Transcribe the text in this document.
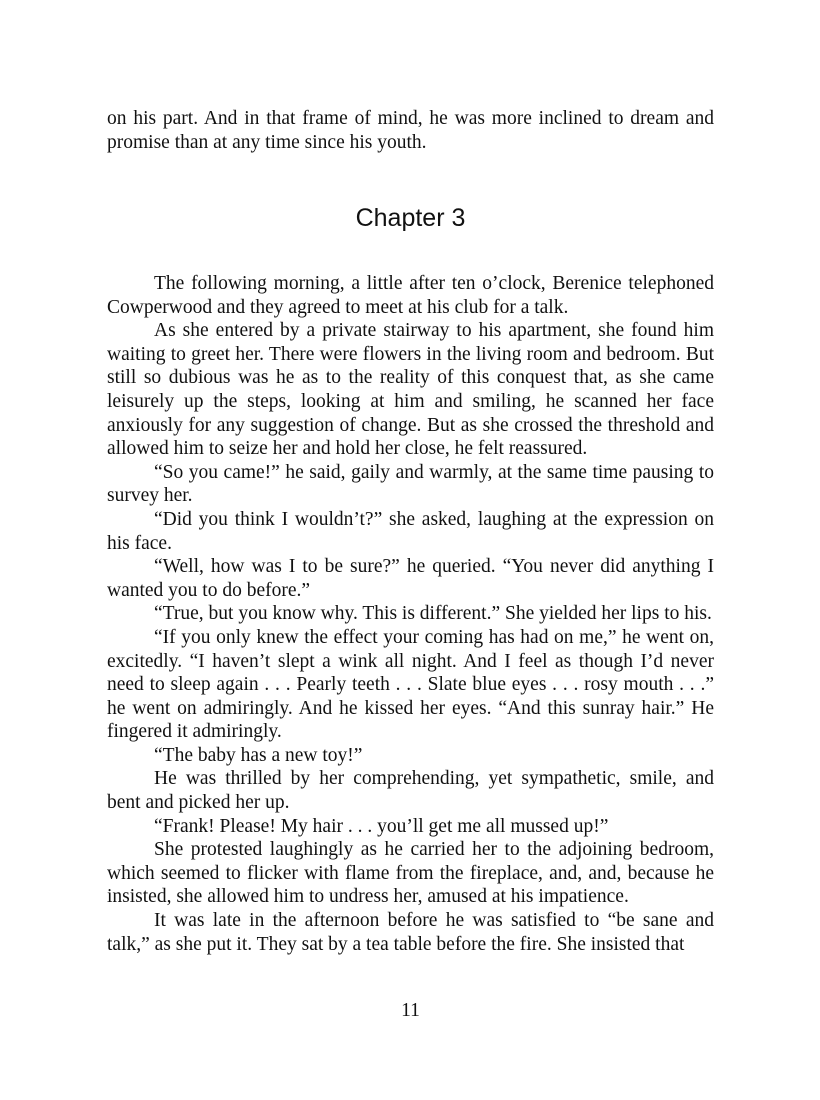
on his part. And in that frame of mind, he was more inclined to dream and promise than at any time since his youth.

Chapter 3

The following morning, a little after ten o’clock, Berenice telephoned Cowperwood and they agreed to meet at his club for a talk.

As she entered by a private stairway to his apartment, she found him waiting to greet her. There were flowers in the living room and bedroom. But still so dubious was he as to the reality of this conquest that, as she came leisurely up the steps, looking at him and smiling, he scanned her face anxiously for any suggestion of change. But as she crossed the threshold and allowed him to seize her and hold her close, he felt reassured.

“So you came!” he said, gaily and warmly, at the same time pausing to survey her.

“Did you think I wouldn’t?” she asked, laughing at the expression on his face.

“Well, how was I to be sure?” he queried. “You never did anything I wanted you to do before.”

“True, but you know why. This is different.” She yielded her lips to his.

“If you only knew the effect your coming has had on me,” he went on, excitedly. “I haven’t slept a wink all night. And I feel as though I’d never need to sleep again . . . Pearly teeth . . . Slate blue eyes . . . rosy mouth . . .” he went on admiringly. And he kissed her eyes. “And this sunray hair.” He fingered it admiringly.

“The baby has a new toy!”

He was thrilled by her comprehending, yet sympathetic, smile, and bent and picked her up.

“Frank! Please! My hair . . . you’ll get me all mussed up!”

She protested laughingly as he carried her to the adjoining bedroom, which seemed to flicker with flame from the fireplace, and, and, because he insisted, she allowed him to undress her, amused at his impatience.

It was late in the afternoon before he was satisfied to “be sane and talk,” as she put it. They sat by a tea table before the fire. She insisted that

11
